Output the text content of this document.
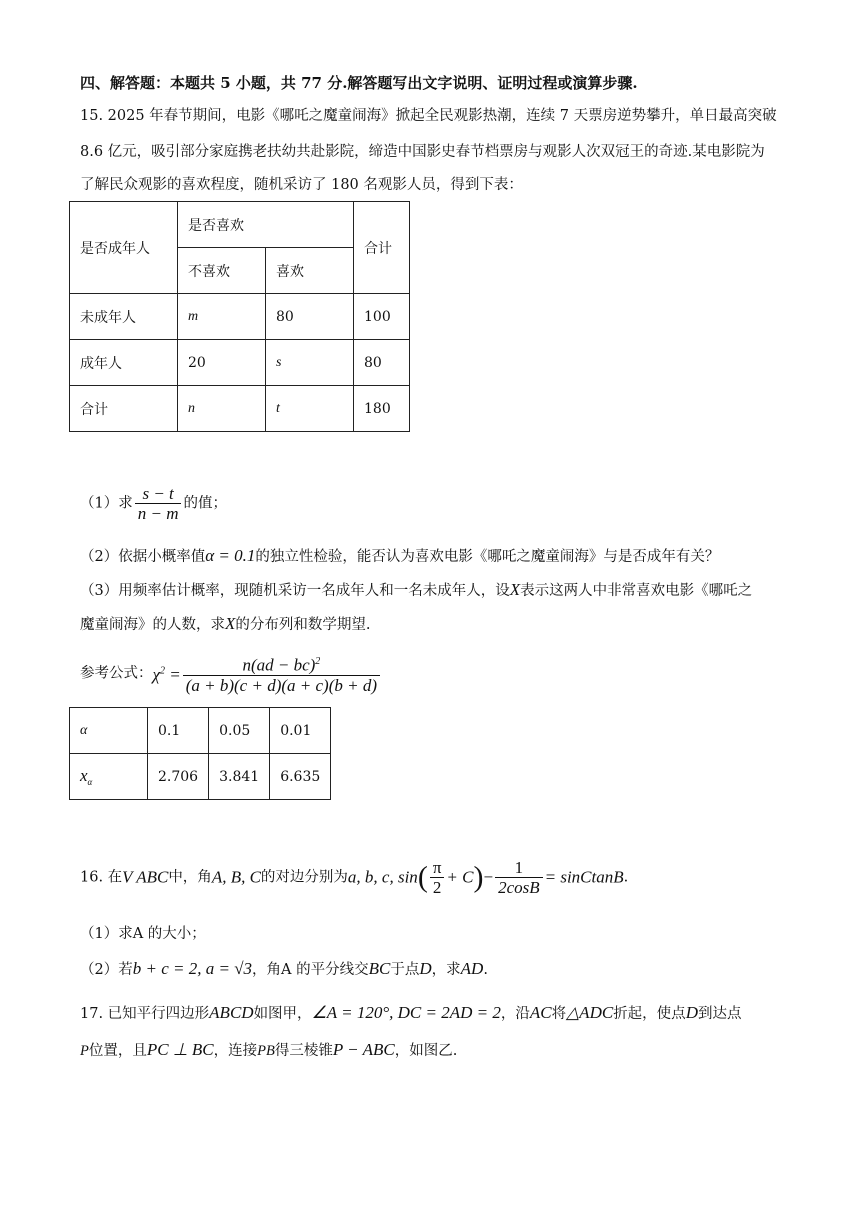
四、解答题：本题共 5 小题，共 77 分.解答题写出文字说明、证明过程或演算步骤.
15. 2025 年春节期间，电影《哪吒之魔童闹海》掀起全民观影热潮，连续 7 天票房逆势攀升，单日最高突破
8.6 亿元，吸引部分家庭携老扶幼共赴影院，缔造中国影史春节档票房与观影人次双冠王的奇迹.某电影院为
了解民众观影的喜欢程度，随机采访了 180 名观影人员，得到下表：
是否成年人	是否喜欢		合计
	不喜欢	喜欢	
未成年人	m	80	100
成年人	20	s	80
合计	n	t	180
（1）求 $\frac{s - t}{n - m}$ 的值；
（2）依据小概率值α = 0.1的独立性检验，能否认为喜欢电影《哪吒之魔童闹海》与是否成年有关？
（3）用频率估计概率，现随机采访一名成年人和一名未成年人，设X表示这两人中非常喜欢电影《哪吒之
魔童闹海》的人数，求X的分布列和数学期望.
参考公式：$\chi^2 = \frac{n(ad - bc)^2}{(a + b)(c + d)(a + c)(b + d)}$
α	0.1	0.05	0.01
$x_\alpha$	2.706	3.841	6.635
16. 在V ABC中，角A, B, C的对边分别为a, b, c, $\sin( \frac{\pi}{2} + C)- \frac{1}{2\cos B}$ = sinCtanB.
（1）求A 的大小；
（2）若b + c = 2, a = √3，角A 的平分线交BC于点D，求AD.
17. 已知平行四边形ABCD如图甲，∠A = 120°, DC = 2AD = 2，沿AC将△ADC折起，使点D到达点
P位置，且PC ⊥ BC，连接PB得三棱锥P − ABC，如图乙.
